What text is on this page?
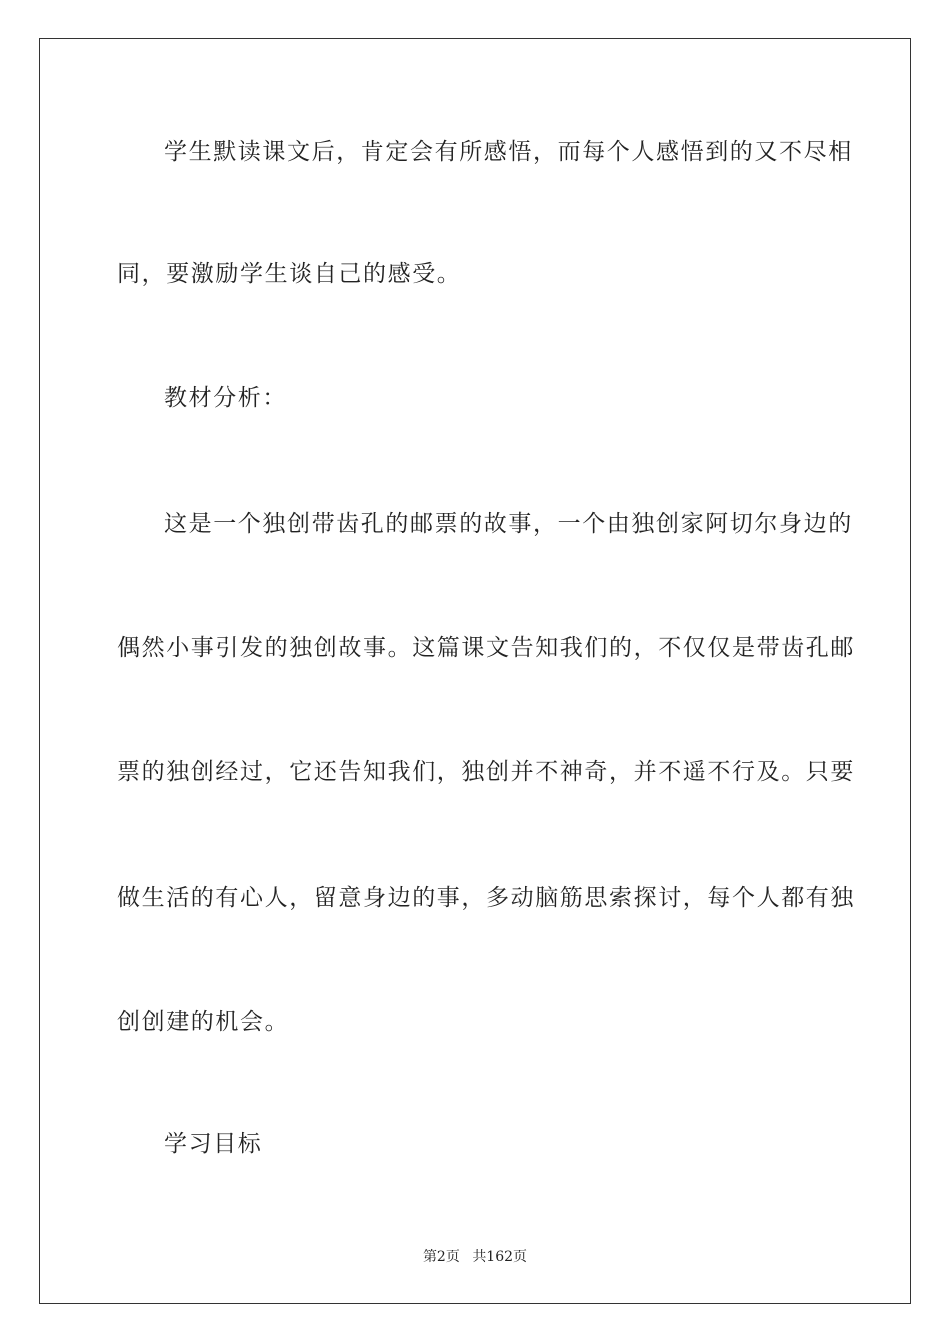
学生默读课文后，肯定会有所感悟，而每个人感悟到的又不尽相
同，要激励学生谈自己的感受。
教材分析：
这是一个独创带齿孔的邮票的故事，一个由独创家阿切尔身边的
偶然小事引发的独创故事。这篇课文告知我们的，不仅仅是带齿孔邮
票的独创经过，它还告知我们，独创并不神奇，并不遥不行及。只要
做生活的有心人，留意身边的事，多动脑筋思索探讨，每个人都有独
创创建的机会。
学习目标
第2页 共162页
